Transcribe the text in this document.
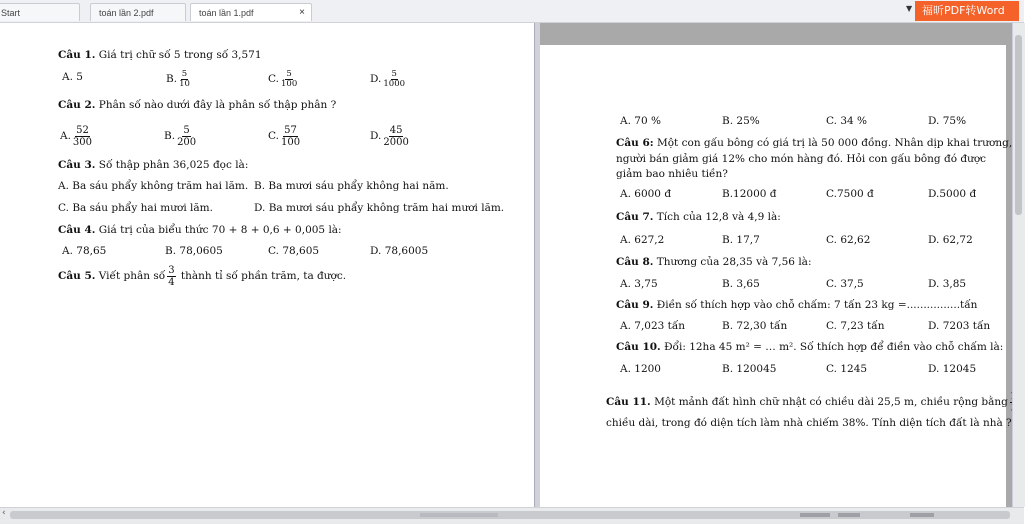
Start	toán lần 2.pdf	toán lần 1.pdf	×	▼ 福昕PDF转Word
Câu 1. Giá trị chữ số 5 trong số 3,571
A. 5	B. $\frac{5}{10}$	C. $\frac{5}{100}$	D. $\frac{5}{1000}$
Câu 2. Phân số nào dưới đây là phân số thập phân ?
A. $\frac{52}{300}$	B. $\frac{5}{200}$	C. $\frac{57}{100}$	D. $\frac{45}{2000}$
Câu 3. Số thập phân 36,025 đọc là:
A. Ba sáu phẩy không trăm hai lăm. B. Ba mươi sáu phẩy không hai năm.
C. Ba sáu phẩy hai mươi lăm.	D. Ba mươi sáu phẩy không trăm hai mươi lăm.
Câu 4. Giá trị của biểu thức 70 + 8 + 0,6 + 0,005 là:
A. 78,65	B. 78,0605	C. 78,605	D. 78,6005
Câu 5. Viết phân số $\frac{3}{4}$ thành tỉ số phần trăm, ta được.
A. 70 %	B. 25%	C. 34 %	D. 75%
Câu 6: Một con gấu bông có giá trị là 50 000 đồng. Nhân dịp khai trương,
người bán giảm giá 12% cho món hàng đó. Hỏi con gấu bông đó được
giảm bao nhiêu tiền?
A. 6000 đ	B.12000 đ	C.7500 đ	D.5000 đ
Câu 7. Tích của 12,8 và 4,9 là:
A. 627,2	B. 17,7	C. 62,62	D. 62,72
Câu 8. Thương của 28,35 và 7,56 là:
A. 3,75	B. 3,65	C. 37,5	D. 3,85
Câu 9. Điền số thích hợp vào chỗ chấm: 7 tấn 23 kg =................tấn
A. 7,023 tấn	B. 72,30 tấn	C. 7,23 tấn	D. 7203 tấn
Câu 10. Đổi: 12ha 45 m² = … m². Số thích hợp để điền vào chỗ chấm là:
A. 1200	B. 120045	C. 1245	D. 12045
Câu 11. Một mảnh đất hình chữ nhật có chiều dài 25,5 m, chiều rộng bằng
chiều dài, trong đó diện tích làm nhà chiếm 38%. Tính diện tích đất là nhà ?
‹
